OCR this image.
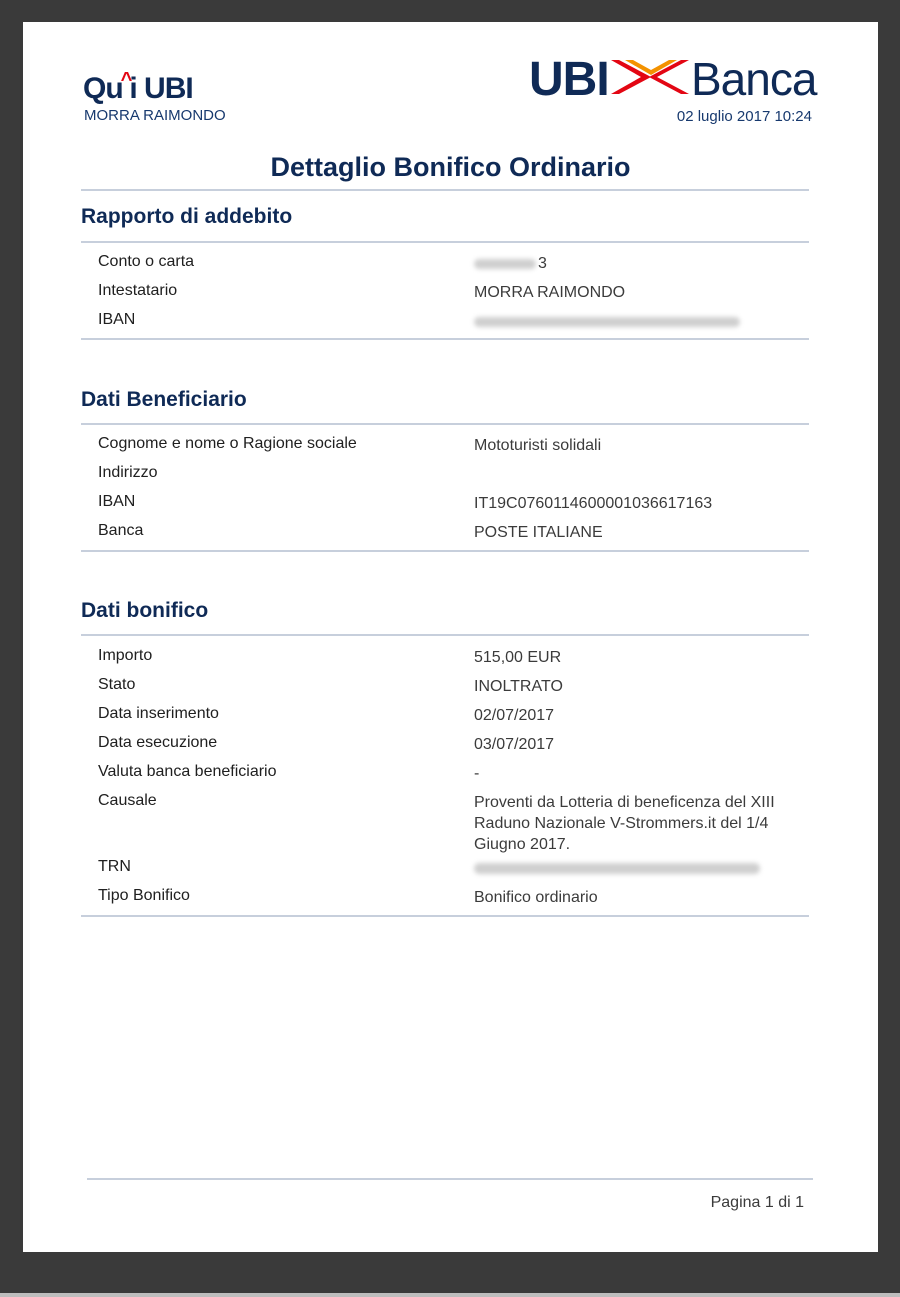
Qu^i UBI
MORRA RAIMONDO
UBI Banca
02 luglio 2017 10:24
Dettaglio Bonifico Ordinario
Rapporto di addebito
Conto o carta	3
Intestatario	MORRA RAIMONDO
IBAN
Dati Beneficiario
Cognome e nome o Ragione sociale	Mototuristi solidali
Indirizzo
IBAN	IT19C0760114600001036617163
Banca	POSTE ITALIANE
Dati bonifico
Importo	515,00 EUR
Stato	INOLTRATO
Data inserimento	02/07/2017
Data esecuzione	03/07/2017
Valuta banca beneficiario	-
Causale	Proventi da Lotteria di beneficenza del XIII Raduno Nazionale V-Strommers.it del 1/4 Giugno 2017.
TRN
Tipo Bonifico	Bonifico ordinario
Pagina 1 di 1
